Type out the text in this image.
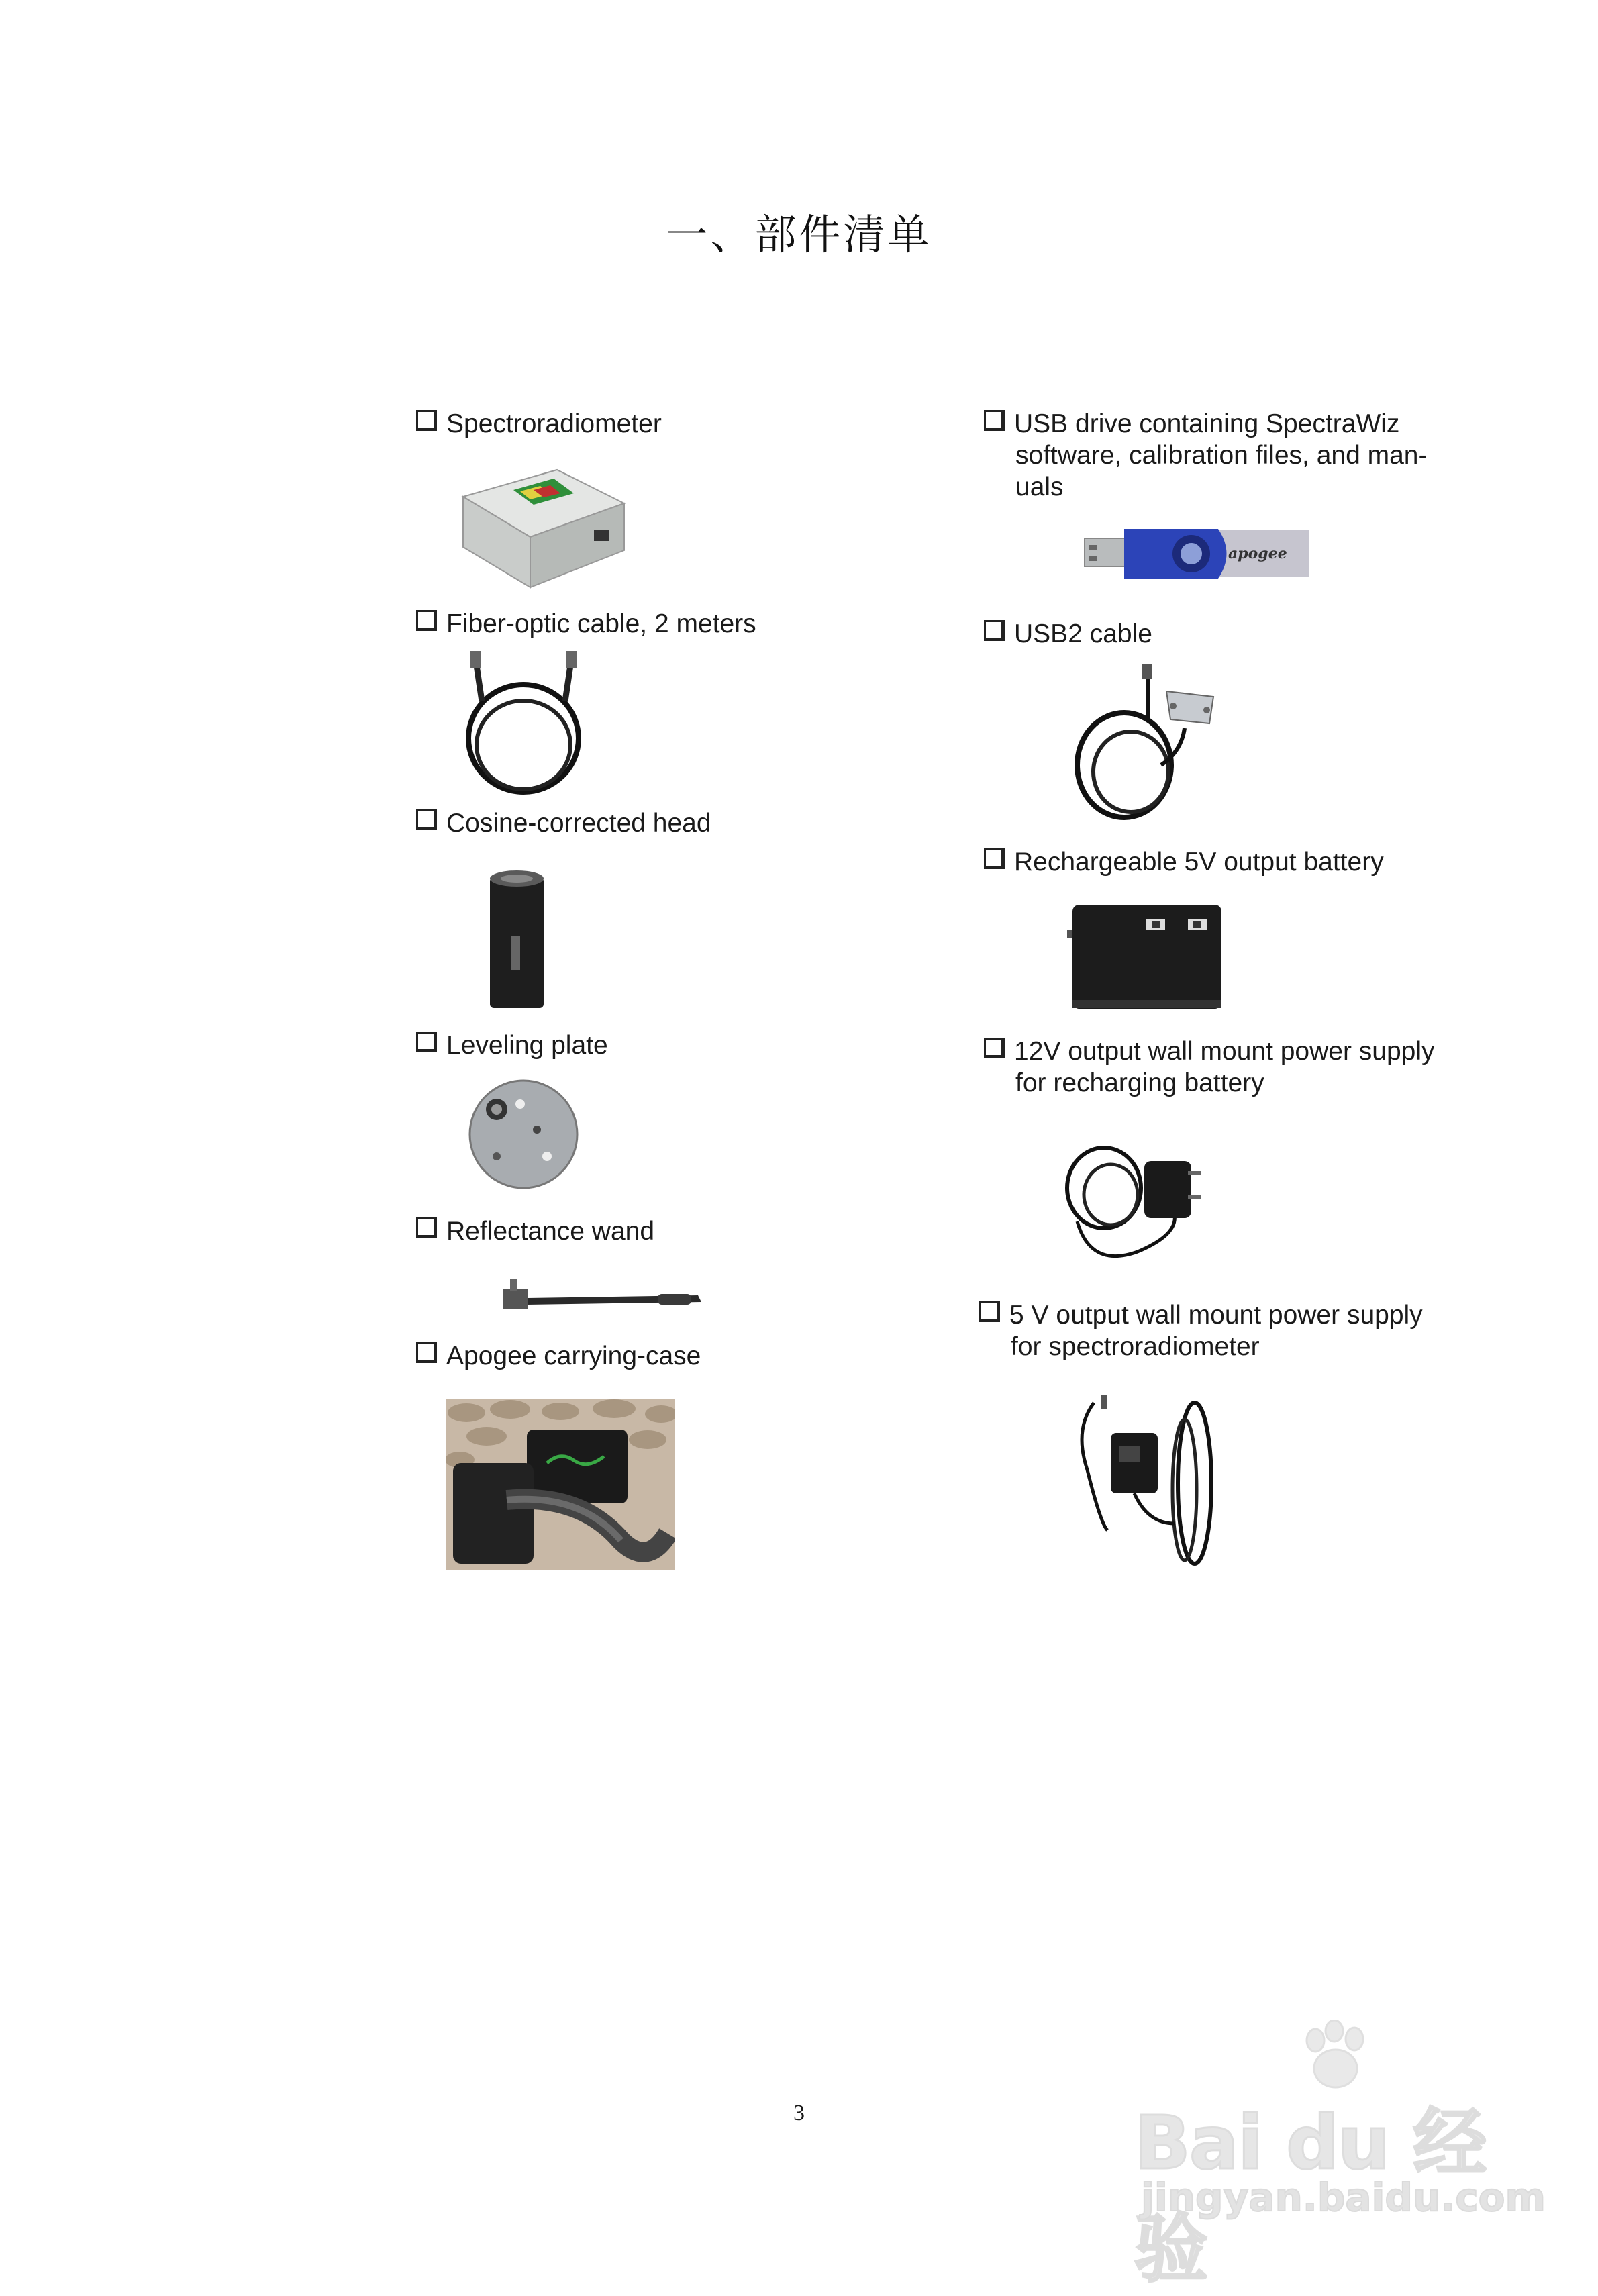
一、部件清单
Spectroradiometer
Fiber-optic cable, 2 meters
Cosine-corrected head
Leveling plate
Reflectance wand
Apogee carrying-case
USB drive containing SpectraWiz
software, calibration files, and man-
uals
apogee
USB2 cable
Rechargeable 5V output battery
12V output wall mount power supply
for recharging battery
5 V output wall mount power supply
for spectroradiometer
3	Bai du 经验
jingyan.baidu.com
